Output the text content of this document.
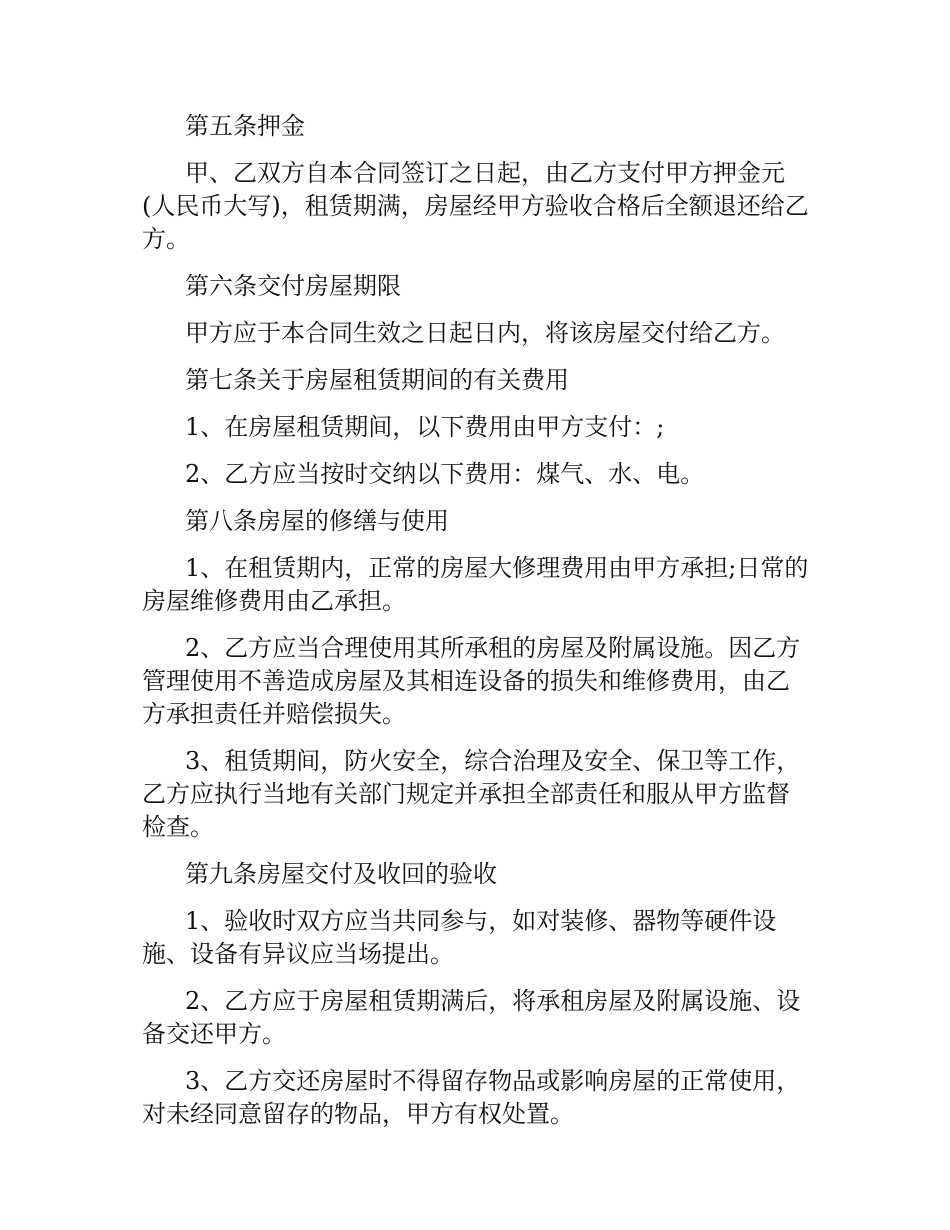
第五条押金

甲、乙双方自本合同签订之日起，由乙方支付甲方押金元(人民币大写)，租赁期满，房屋经甲方验收合格后全额退还给乙方。

第六条交付房屋期限

甲方应于本合同生效之日起日内，将该房屋交付给乙方。

第七条关于房屋租赁期间的有关费用

1、在房屋租赁期间，以下费用由甲方支付：;

2、乙方应当按时交纳以下费用：煤气、水、电。

第八条房屋的修缮与使用

1、在租赁期内，正常的房屋大修理费用由甲方承担;日常的房屋维修费用由乙承担。

2、乙方应当合理使用其所承租的房屋及附属设施。因乙方管理使用不善造成房屋及其相连设备的损失和维修费用，由乙方承担责任并赔偿损失。

3、租赁期间，防火安全，综合治理及安全、保卫等工作，乙方应执行当地有关部门规定并承担全部责任和服从甲方监督检查。

第九条房屋交付及收回的验收

1、验收时双方应当共同参与，如对装修、器物等硬件设施、设备有异议应当场提出。

2、乙方应于房屋租赁期满后，将承租房屋及附属设施、设备交还甲方。

3、乙方交还房屋时不得留存物品或影响房屋的正常使用，对未经同意留存的物品，甲方有权处置。
